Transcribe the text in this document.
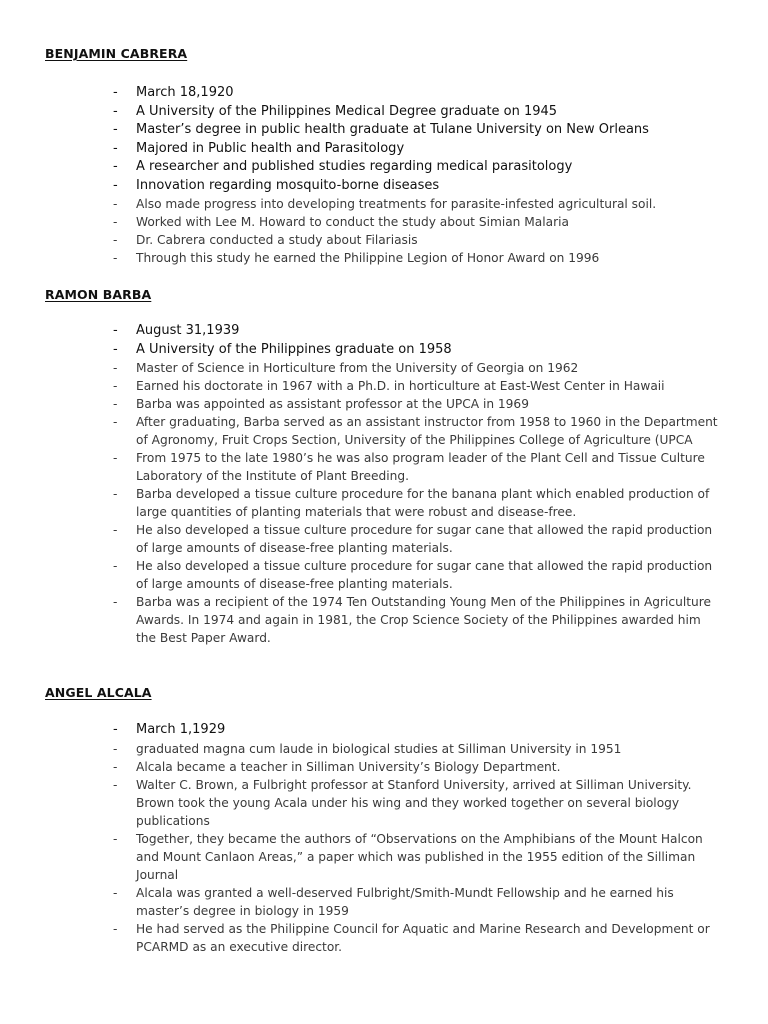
BENJAMIN CABRERA
- March 18,1920
- A University of the Philippines Medical Degree graduate on 1945
- Master’s degree in public health graduate at Tulane University on New Orleans
- Majored in Public health and Parasitology
- A researcher and published studies regarding medical parasitology
- Innovation regarding mosquito-borne diseases
- Also made progress into developing treatments for parasite-infested agricultural soil.
- Worked with Lee M. Howard to conduct the study about Simian Malaria
- Dr. Cabrera conducted a study about Filariasis
- Through this study he earned the Philippine Legion of Honor Award on 1996
RAMON BARBA
- August 31,1939
- A University of the Philippines graduate on 1958
- Master of Science in Horticulture from the University of Georgia on 1962
- Earned his doctorate in 1967 with a Ph.D. in horticulture at East-West Center in Hawaii
- Barba was appointed as assistant professor at the UPCA in 1969
- After graduating, Barba served as an assistant instructor from 1958 to 1960 in the Department of Agronomy, Fruit Crops Section, University of the Philippines College of Agriculture (UPCA
- From 1975 to the late 1980’s he was also program leader of the Plant Cell and Tissue Culture Laboratory of the Institute of Plant Breeding.
- Barba developed a tissue culture procedure for the banana plant which enabled production of large quantities of planting materials that were robust and disease-free.
- He also developed a tissue culture procedure for sugar cane that allowed the rapid production of large amounts of disease-free planting materials.
- He also developed a tissue culture procedure for sugar cane that allowed the rapid production of large amounts of disease-free planting materials.
- Barba was a recipient of the 1974 Ten Outstanding Young Men of the Philippines in Agriculture Awards. In 1974 and again in 1981, the Crop Science Society of the Philippines awarded him the Best Paper Award.
ANGEL ALCALA
- March 1,1929
- graduated magna cum laude in biological studies at Silliman University in 1951
- Alcala became a teacher in Silliman University’s Biology Department.
- Walter C. Brown, a Fulbright professor at Stanford University, arrived at Silliman University. Brown took the young Acala under his wing and they worked together on several biology publications
- Together, they became the authors of “Observations on the Amphibians of the Mount Halcon and Mount Canlaon Areas,” a paper which was published in the 1955 edition of the Silliman Journal
- Alcala was granted a well-deserved Fulbright/Smith-Mundt Fellowship and he earned his master’s degree in biology in 1959
- He had served as the Philippine Council for Aquatic and Marine Research and Development or PCARMD as an executive director.
